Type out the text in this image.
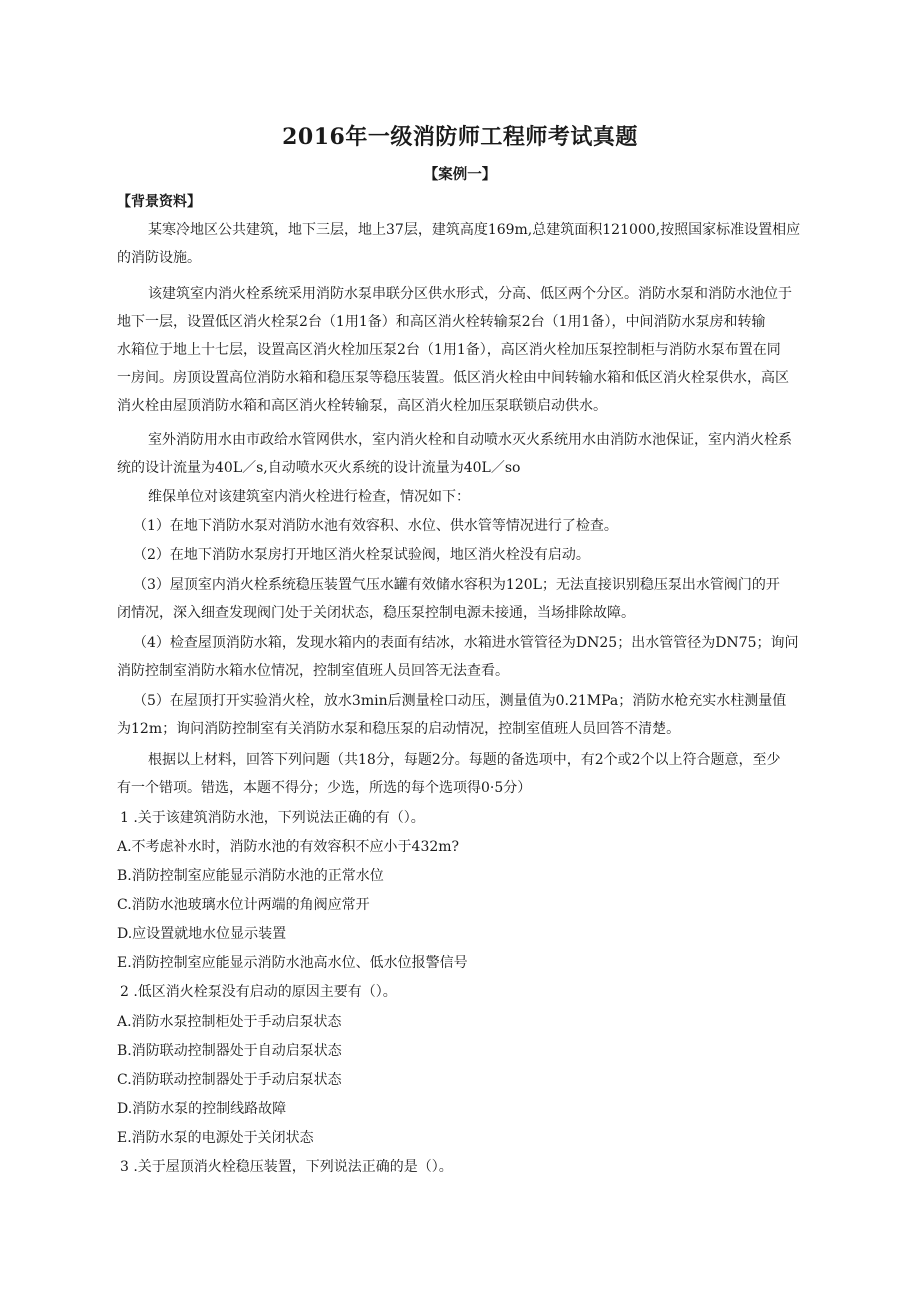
2016年一级消防师工程师考试真题
【案例一】
【背景资料】
某寒冷地区公共建筑，地下三层，地上37层，建筑高度169m,总建筑面积121000,按照国家标准设置相应
的消防设施。
该建筑室内消火栓系统采用消防水泵串联分区供水形式，分高、低区两个分区。消防水泵和消防水池位于
地下一层，设置低区消火栓泵2台（1用1备）和高区消火栓转输泵2台（1用1备），中间消防水泵房和转输
水箱位于地上十七层，设置高区消火栓加压泵2台（1用1备），高区消火栓加压泵控制柜与消防水泵布置在同
一房间。房顶设置高位消防水箱和稳压泵等稳压装置。低区消火栓由中间转输水箱和低区消火栓泵供水，高区
消火栓由屋顶消防水箱和高区消火栓转输泵，高区消火栓加压泵联锁启动供水。
室外消防用水由市政给水管网供水，室内消火栓和自动喷水灭火系统用水由消防水池保证，室内消火栓系
统的设计流量为40L／s,自动喷水灭火系统的设计流量为40L／so
维保单位对该建筑室内消火栓进行检查，情况如下：
（1）在地下消防水泵对消防水池有效容积、水位、供水管等情况进行了检查。
（2）在地下消防水泵房打开地区消火栓泵试验阀，地区消火栓没有启动。
（3）屋顶室内消火栓系统稳压装置气压水罐有效储水容积为120L；无法直接识别稳压泵出水管阀门的开
闭情况，深入细查发现阀门处于关闭状态，稳压泵控制电源未接通，当场排除故障。
（4）检查屋顶消防水箱，发现水箱内的表面有结冰，水箱进水管管径为DN25；出水管管径为DN75；询问
消防控制室消防水箱水位情况，控制室值班人员回答无法查看。
（5）在屋顶打开实验消火栓，放水3min后测量栓口动压，测量值为0.21MPa；消防水枪充实水柱测量值
为12m；询问消防控制室有关消防水泵和稳压泵的启动情况，控制室值班人员回答不清楚。
根据以上材料，回答下列问题（共18分，每题2分。每题的备选项中，有2个或2个以上符合题意，至少
有一个错项。错选，本题不得分；少选，所选的每个选项得0·5分）
1 .关于该建筑消防水池，下列说法正确的有（）。
A.不考虑补水时，消防水池的有效容积不应小于432m?
B.消防控制室应能显示消防水池的正常水位
C.消防水池玻璃水位计两端的角阀应常开
D.应设置就地水位显示装置
E.消防控制室应能显示消防水池高水位、低水位报警信号
2 .低区消火栓泵没有启动的原因主要有（）。
A.消防水泵控制柜处于手动启泵状态
B.消防联动控制器处于自动启泵状态
C.消防联动控制器处于手动启泵状态
D.消防水泵的控制线路故障
E.消防水泵的电源处于关闭状态
3 .关于屋顶消火栓稳压装置，下列说法正确的是（）。
